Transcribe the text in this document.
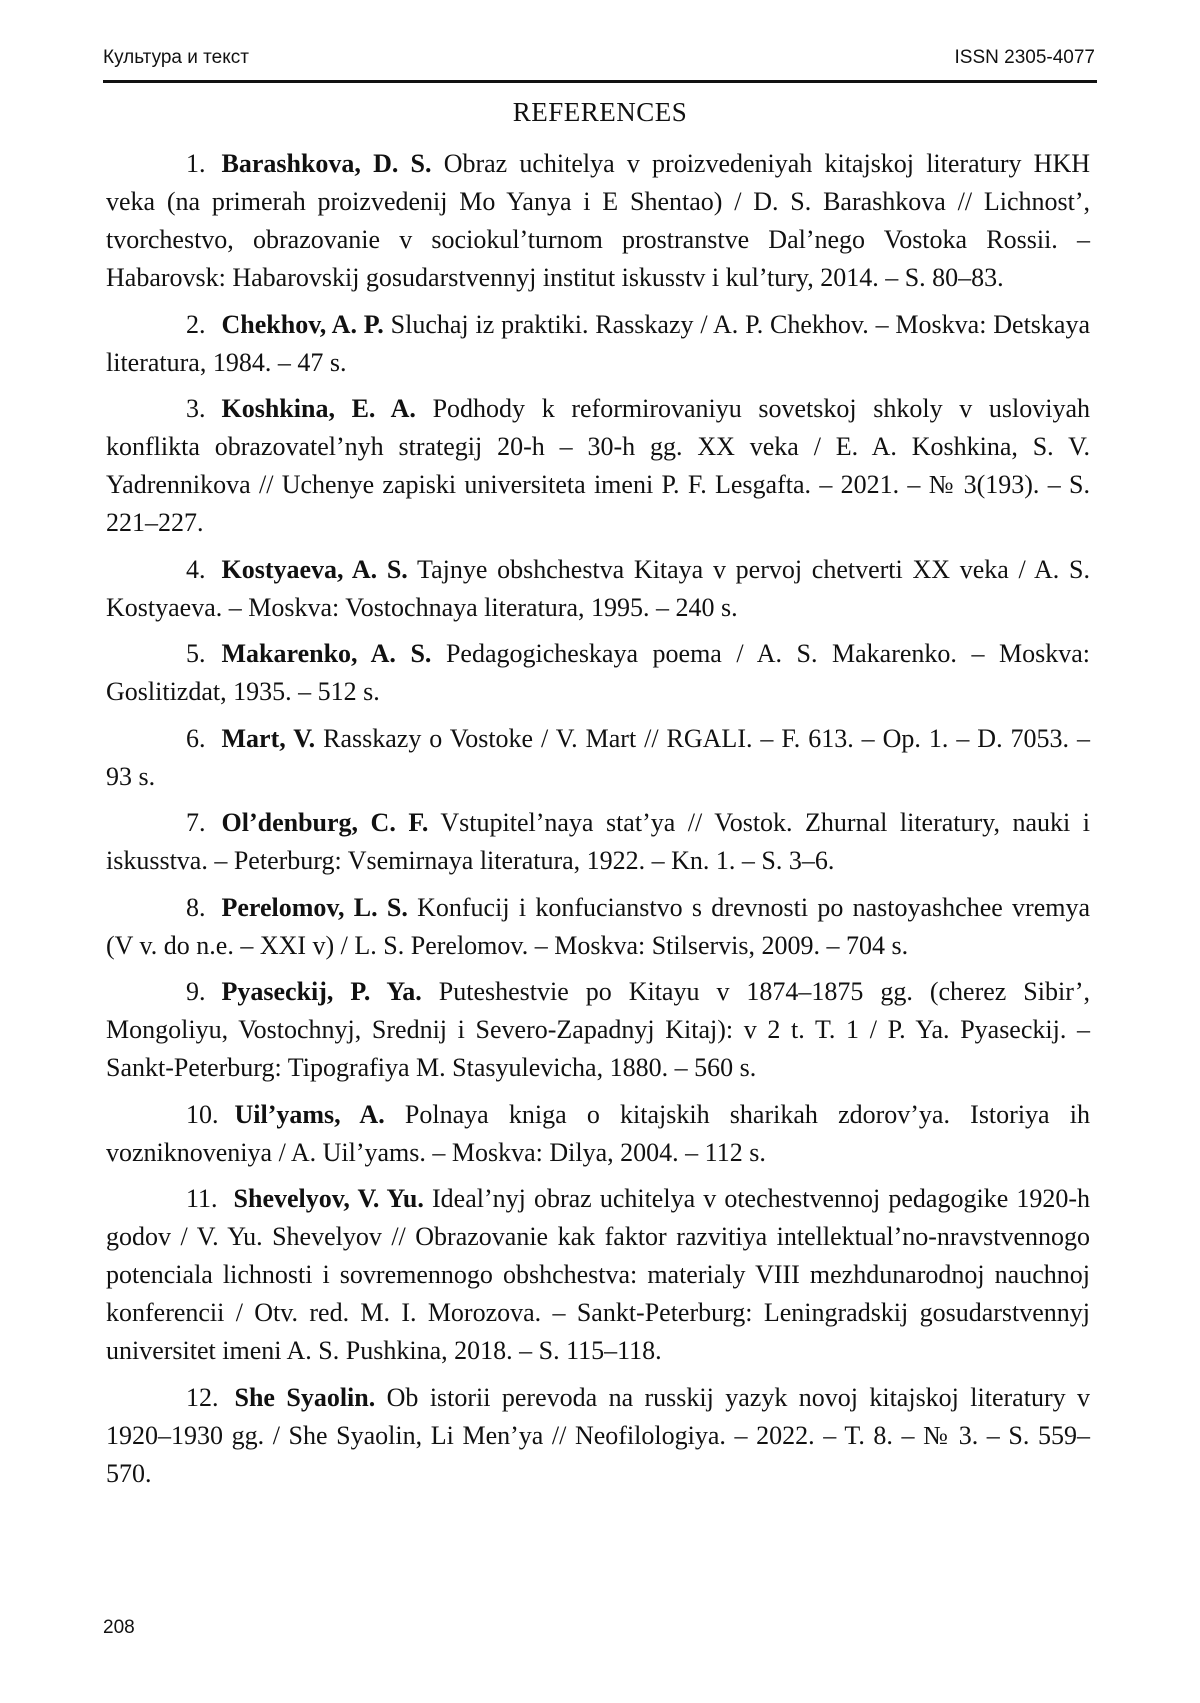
Культура и текст	ISSN 2305-4077
REFERENCES
1. Barashkova, D. S. Obraz uchitelya v proizvedeniyah kitajskoj literatury HKH veka (na primerah proizvedenij Mo Yanya i E Shentao) / D. S. Barashkova // Lichnost’, tvorchestvo, obrazovanie v sociokul’turnom prostranstve Dal’nego Vostoka Rossii. – Habarovsk: Habarovskij gosudarstvennyj institut iskusstv i kul’tury, 2014. – S. 80–83.
2. Chekhov, A. P. Sluchaj iz praktiki. Rasskazy / A. P. Chekhov. – Moskva: Detskaya literatura, 1984. – 47 s.
3. Koshkina, E. A. Podhody k reformirovaniyu sovetskoj shkoly v usloviyah konflikta obrazovatel’nyh strategij 20-h – 30-h gg. XX veka / E. A. Koshkina, S. V. Yadrennikova // Uchenye zapiski universiteta imeni P. F. Lesgafta. – 2021. – № 3(193). – S. 221–227.
4. Kostyaeva, A. S. Tajnye obshchestva Kitaya v pervoj chetverti XX veka / A. S. Kostyaeva. – Moskva: Vostochnaya literatura, 1995. – 240 s.
5. Makarenko, A. S. Pedagogicheskaya poema / A. S. Makarenko. – Moskva: Goslitizdat, 1935. – 512 s.
6. Mart, V. Rasskazy o Vostoke / V. Mart // RGALI. – F. 613. – Op. 1. – D. 7053. – 93 s.
7. Ol’denburg, C. F. Vstupitel’naya stat’ya // Vostok. Zhurnal literatury, nauki i iskusstva. – Peterburg: Vsemirnaya literatura, 1922. – Kn. 1. – S. 3–6.
8. Perelomov, L. S. Konfucij i konfucianstvo s drevnosti po nastoyashchee vremya (V v. do n.e. – XXI v) / L. S. Perelomov. – Moskva: Stilservis, 2009. – 704 s.
9. Pyaseckij, P. Ya. Puteshestvie po Kitayu v 1874–1875 gg. (cherez Sibir’, Mongoliyu, Vostochnyj, Srednij i Severo-Zapadnyj Kitaj): v 2 t. T. 1 / P. Ya. Pyaseckij. – Sankt-Peterburg: Tipografiya M. Stasyulevicha, 1880. – 560 s.
10. Uil’yams, A. Polnaya kniga o kitajskih sharikah zdorov’ya. Istoriya ih vozniknoveniya / A. Uil’yams. – Moskva: Dilya, 2004. – 112 s.
11. Shevelyov, V. Yu. Ideal’nyj obraz uchitelya v otechestvennoj pedagogike 1920-h godov / V. Yu. Shevelyov // Obrazovanie kak faktor razvitiya intellektual’no-nravstvennogo potenciala lichnosti i sovremennogo obshchestva: materialy VIII mezhdunarodnoj nauchnoj konferencii / Otv. red. M. I. Morozova. – Sankt-Peterburg: Leningradskij gosudarstvennyj universitet imeni A. S. Pushkina, 2018. – S. 115–118.
12. She Syaolin. Ob istorii perevoda na russkij yazyk novoj kitajskoj literatury v 1920–1930 gg. / She Syaolin, Li Men’ya // Neofilologiya. – 2022. – T. 8. – № 3. – S. 559–570.
208
